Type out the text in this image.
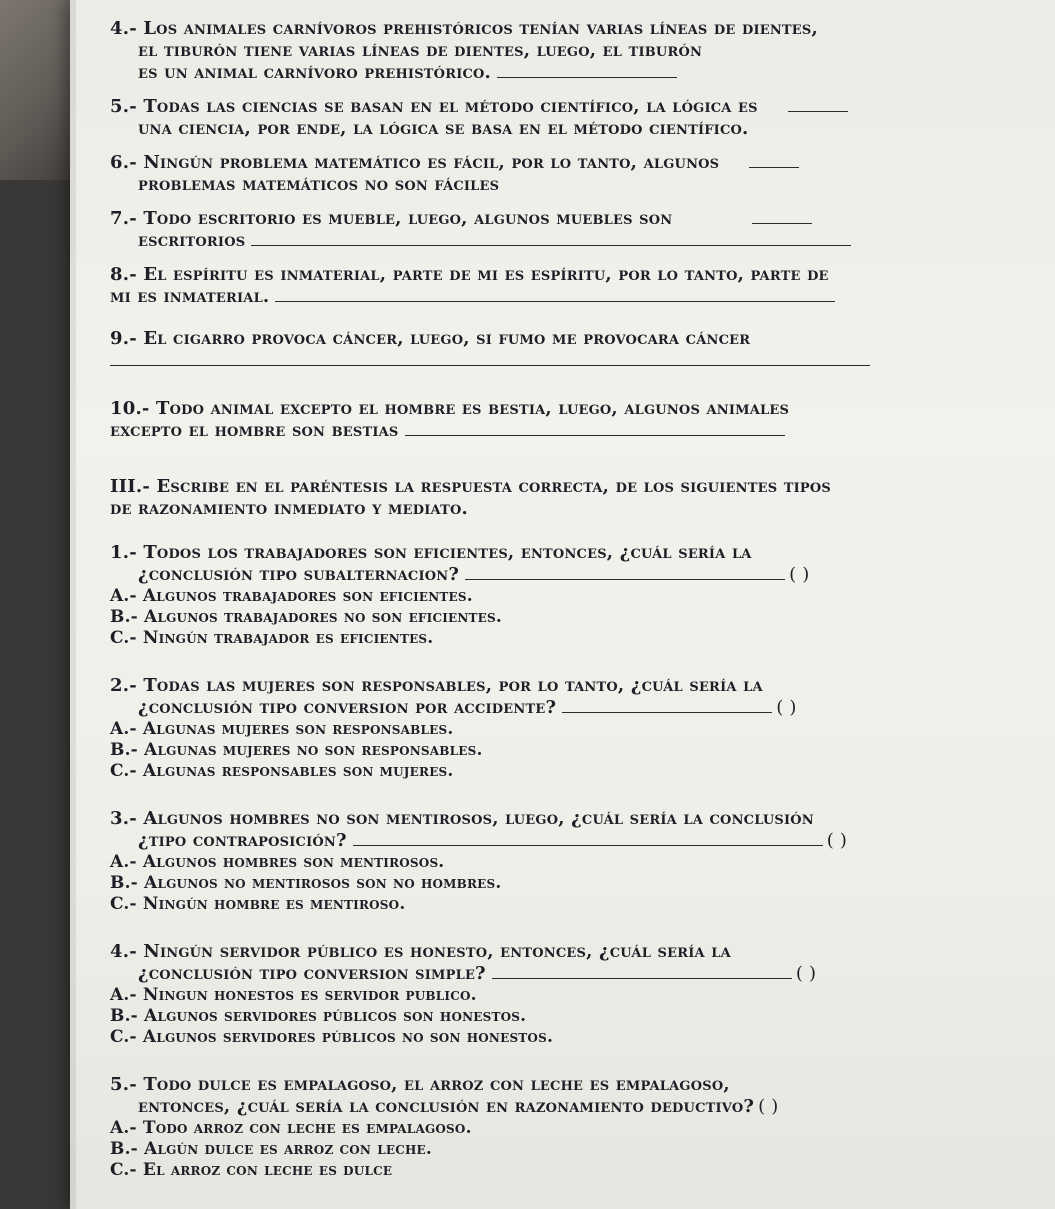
4.- Los animales carnívoros prehistóricos tenían varias líneas de dientes,
el tiburón tiene varias líneas de dientes, luego, el tiburón
es un animal carnívoro prehistórico.
5.- Todas las ciencias se basan en el método científico, la lógica es
una ciencia, por ende, la lógica se basa en el método científico.
6.- Ningún problema matemático es fácil, por lo tanto, algunos
problemas matemáticos no son fáciles
7.- Todo escritorio es mueble, luego, algunos muebles son
escritorios
8.- El espíritu es inmaterial, parte de mi es espíritu, por lo tanto, parte de
mi es inmaterial.
9.- El cigarro provoca cáncer, luego, si fumo me provocara cáncer
10.- Todo animal excepto el hombre es bestia, luego, algunos animales
excepto el hombre son bestias
III.- Escribe en el paréntesis la respuesta correcta, de los siguientes tipos
de razonamiento inmediato y mediato.
1.- Todos los trabajadores son eficientes, entonces, ¿cuál sería la
¿conclusión tipo subalternacion?	( )
A.- Algunos trabajadores son eficientes.
B.- Algunos trabajadores no son eficientes.
C.- Ningún trabajador es eficientes.
2.- Todas las mujeres son responsables, por lo tanto, ¿cuál sería la
¿conclusión tipo conversion por accidente?	( )
A.- Algunas mujeres son responsables.
B.- Algunas mujeres no son responsables.
C.- Algunas responsables son mujeres.
3.- Algunos hombres no son mentirosos, luego, ¿cuál sería la conclusión
¿tipo contraposición?	( )
A.- Algunos hombres son mentirosos.
B.- Algunos no mentirosos son no hombres.
C.- Ningún hombre es mentiroso.
4.- Ningún servidor público es honesto, entonces, ¿cuál sería la
¿conclusión tipo conversion simple?	( )
A.- Ningun honestos es servidor publico.
B.- Algunos servidores públicos son honestos.
C.- Algunos servidores públicos no son honestos.
5.- Todo dulce es empalagoso, el arroz con leche es empalagoso,
entonces, ¿cuál sería la conclusión en razonamiento deductivo? ( )
A.- Todo arroz con leche es empalagoso.
B.- Algún dulce es arroz con leche.
C.- El arroz con leche es dulce
